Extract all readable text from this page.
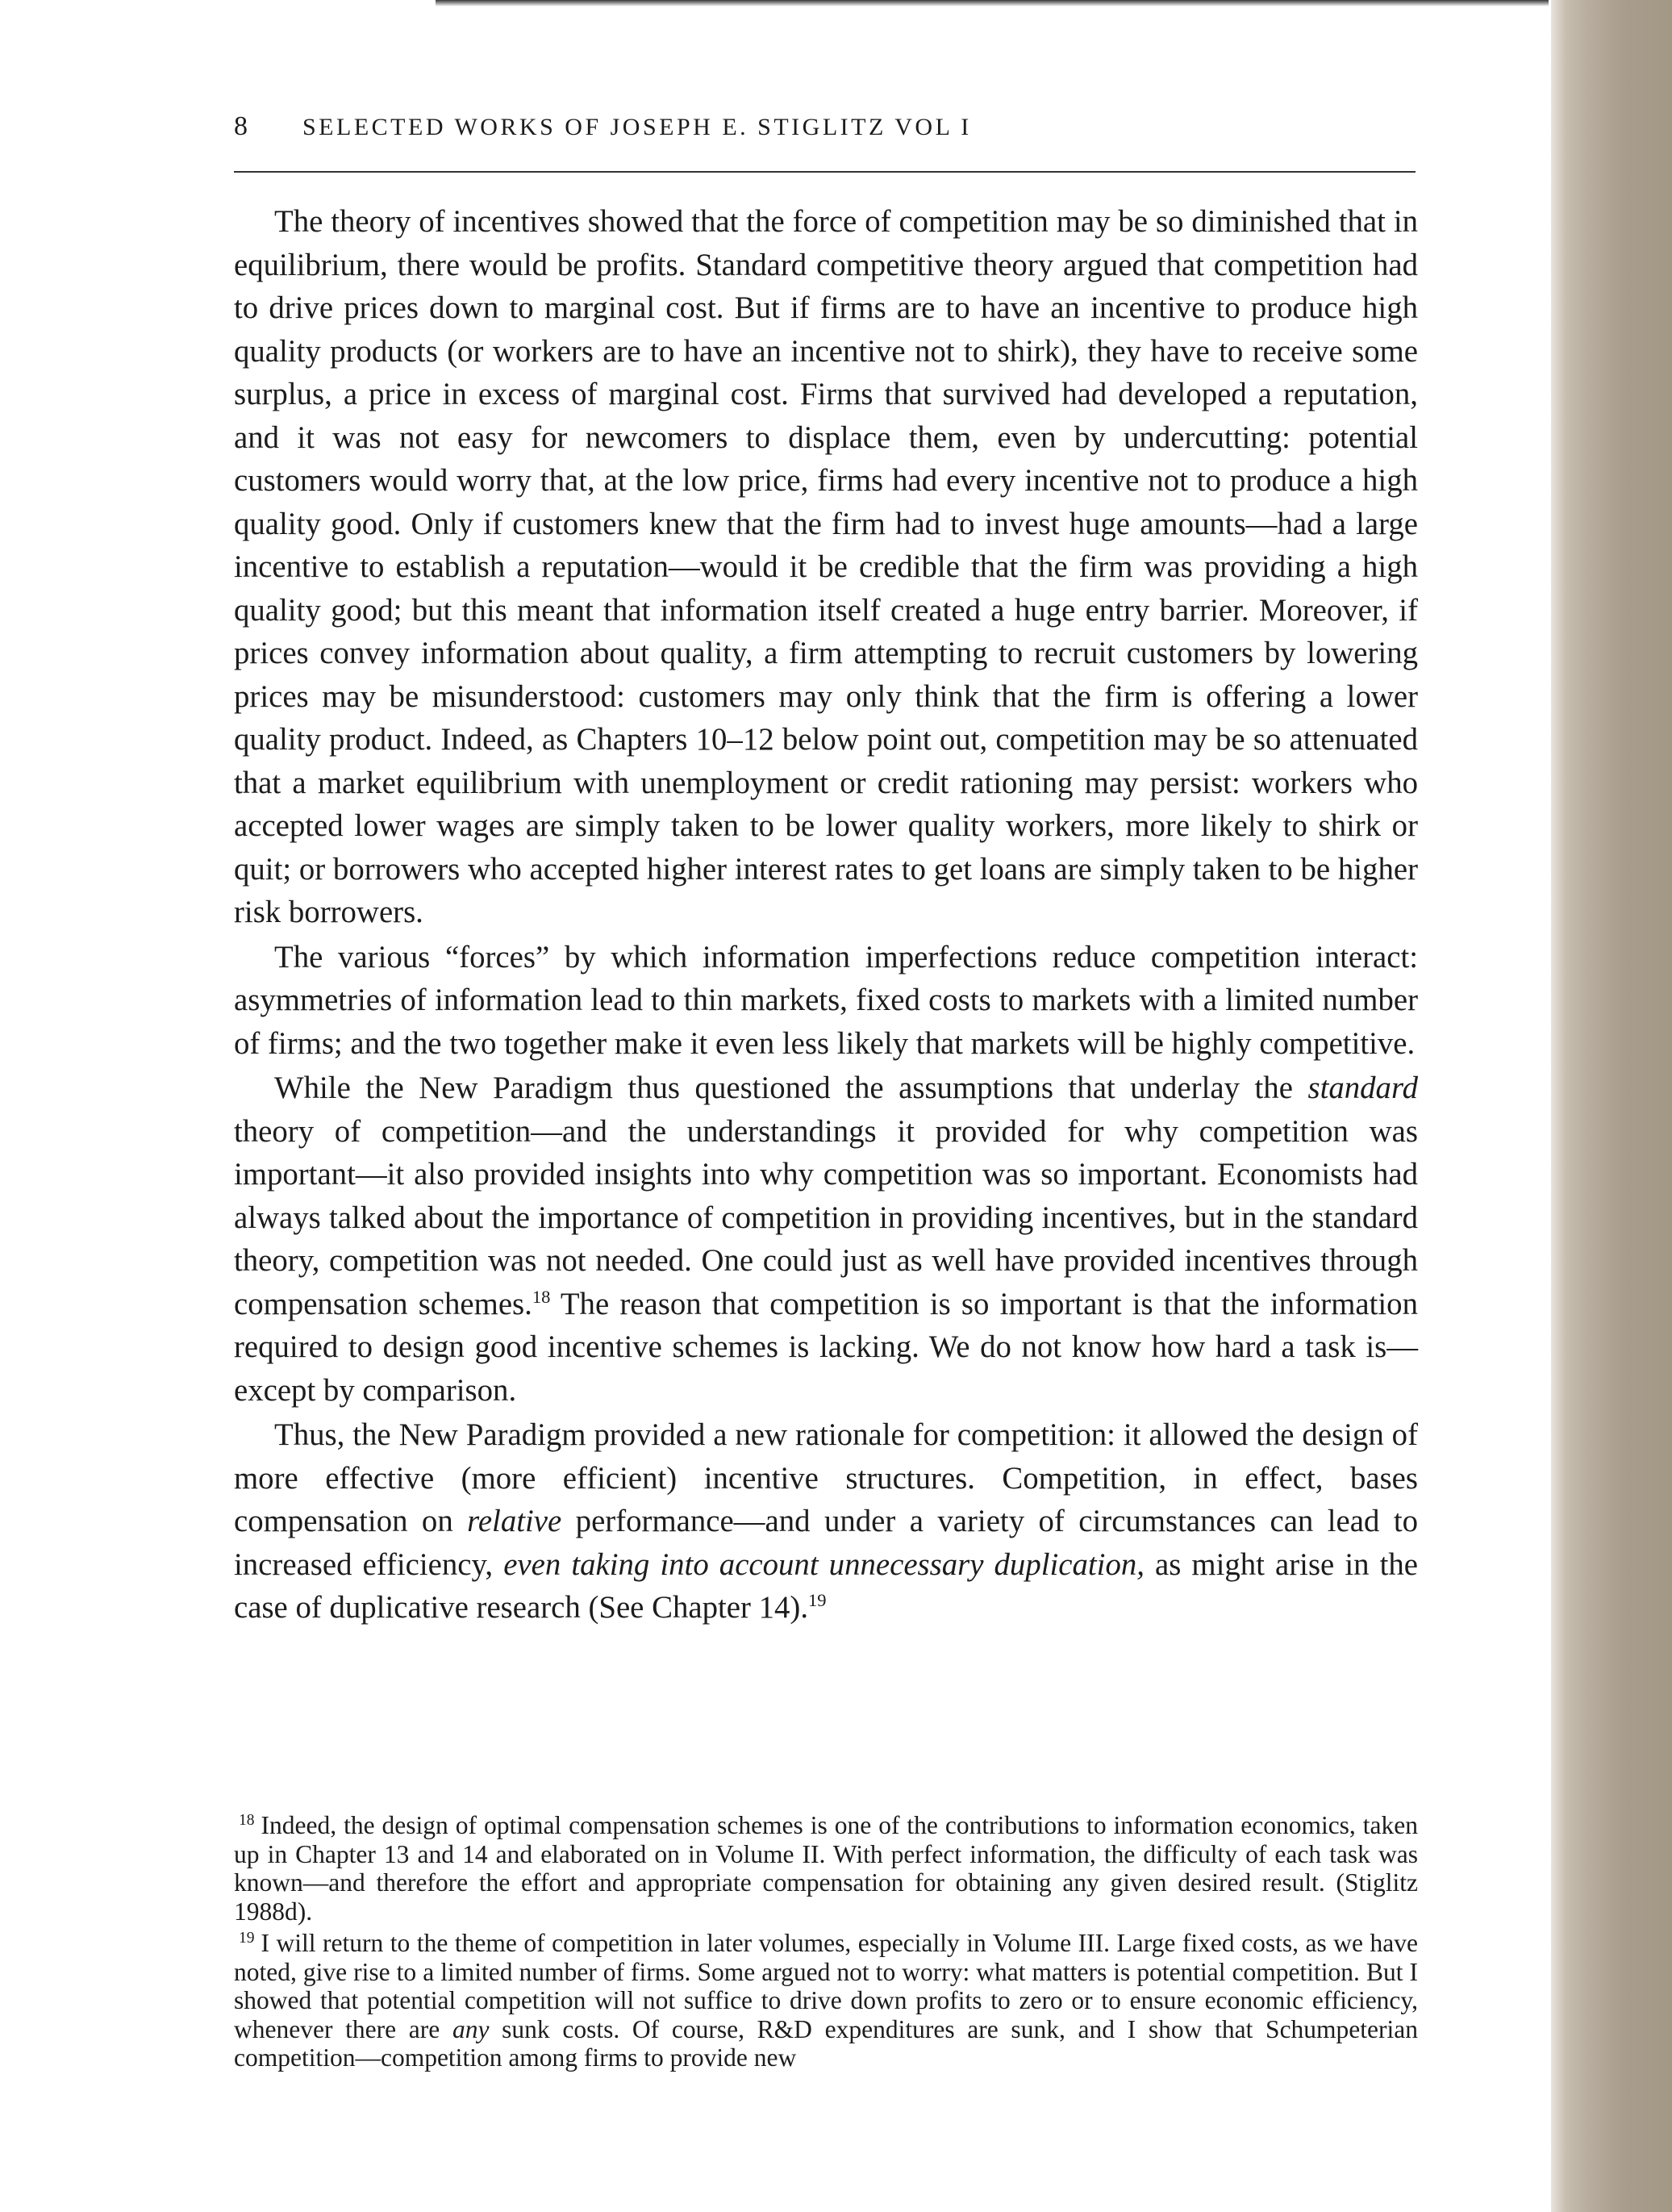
8 SELECTED WORKS OF JOSEPH E. STIGLITZ VOL I

The theory of incentives showed that the force of competition may be so diminished that in equilibrium, there would be profits. Standard competitive theory argued that competition had to drive prices down to marginal cost. But if firms are to have an incentive to produce high quality products (or workers are to have an incentive not to shirk), they have to receive some surplus, a price in excess of marginal cost. Firms that survived had developed a reputation, and it was not easy for newcomers to displace them, even by undercutting: potential customers would worry that, at the low price, firms had every incentive not to produce a high quality good. Only if customers knew that the firm had to invest huge amounts—had a large incentive to establish a reputation—would it be credible that the firm was providing a high quality good; but this meant that information itself created a huge entry barrier. Moreover, if prices convey information about quality, a firm attempting to recruit customers by lowering prices may be misunderstood: customers may only think that the firm is offering a lower quality product. Indeed, as Chapters 10–12 below point out, competition may be so attenuated that a market equilibrium with unemployment or credit rationing may persist: workers who accepted lower wages are simply taken to be lower quality workers, more likely to shirk or quit; or borrowers who accepted higher interest rates to get loans are simply taken to be higher risk borrowers.

The various “forces” by which information imperfections reduce competition interact: asymmetries of information lead to thin markets, fixed costs to markets with a limited number of firms; and the two together make it even less likely that markets will be highly competitive.

While the New Paradigm thus questioned the assumptions that underlay the standard theory of competition—and the understandings it provided for why competition was important—it also provided insights into why competition was so important. Economists had always talked about the importance of competition in providing incentives, but in the standard theory, competition was not needed. One could just as well have provided incentives through compensation schemes.$^{18}$ The reason that competition is so important is that the information required to design good incentive schemes is lacking. We do not know how hard a task is—except by comparison.

Thus, the New Paradigm provided a new rationale for competition: it allowed the design of more effective (more efficient) incentive structures. Competition, in effect, bases compensation on relative performance—and under a variety of circumstances can lead to increased efficiency, even taking into account unnecessary duplication, as might arise in the case of duplicative research (See Chapter 14).$^{19}$

$^{18}$ Indeed, the design of optimal compensation schemes is one of the contributions to information economics, taken up in Chapter 13 and 14 and elaborated on in Volume II. With perfect information, the difficulty of each task was known—and therefore the effort and appropriate compensation for obtaining any given desired result. (Stiglitz 1988d).

$^{19}$ I will return to the theme of competition in later volumes, especially in Volume III. Large fixed costs, as we have noted, give rise to a limited number of firms. Some argued not to worry: what matters is potential competition. But I showed that potential competition will not suffice to drive down profits to zero or to ensure economic efficiency, whenever there are any sunk costs. Of course, R&D expenditures are sunk, and I show that Schumpeterian competition—competition among firms to provide new
